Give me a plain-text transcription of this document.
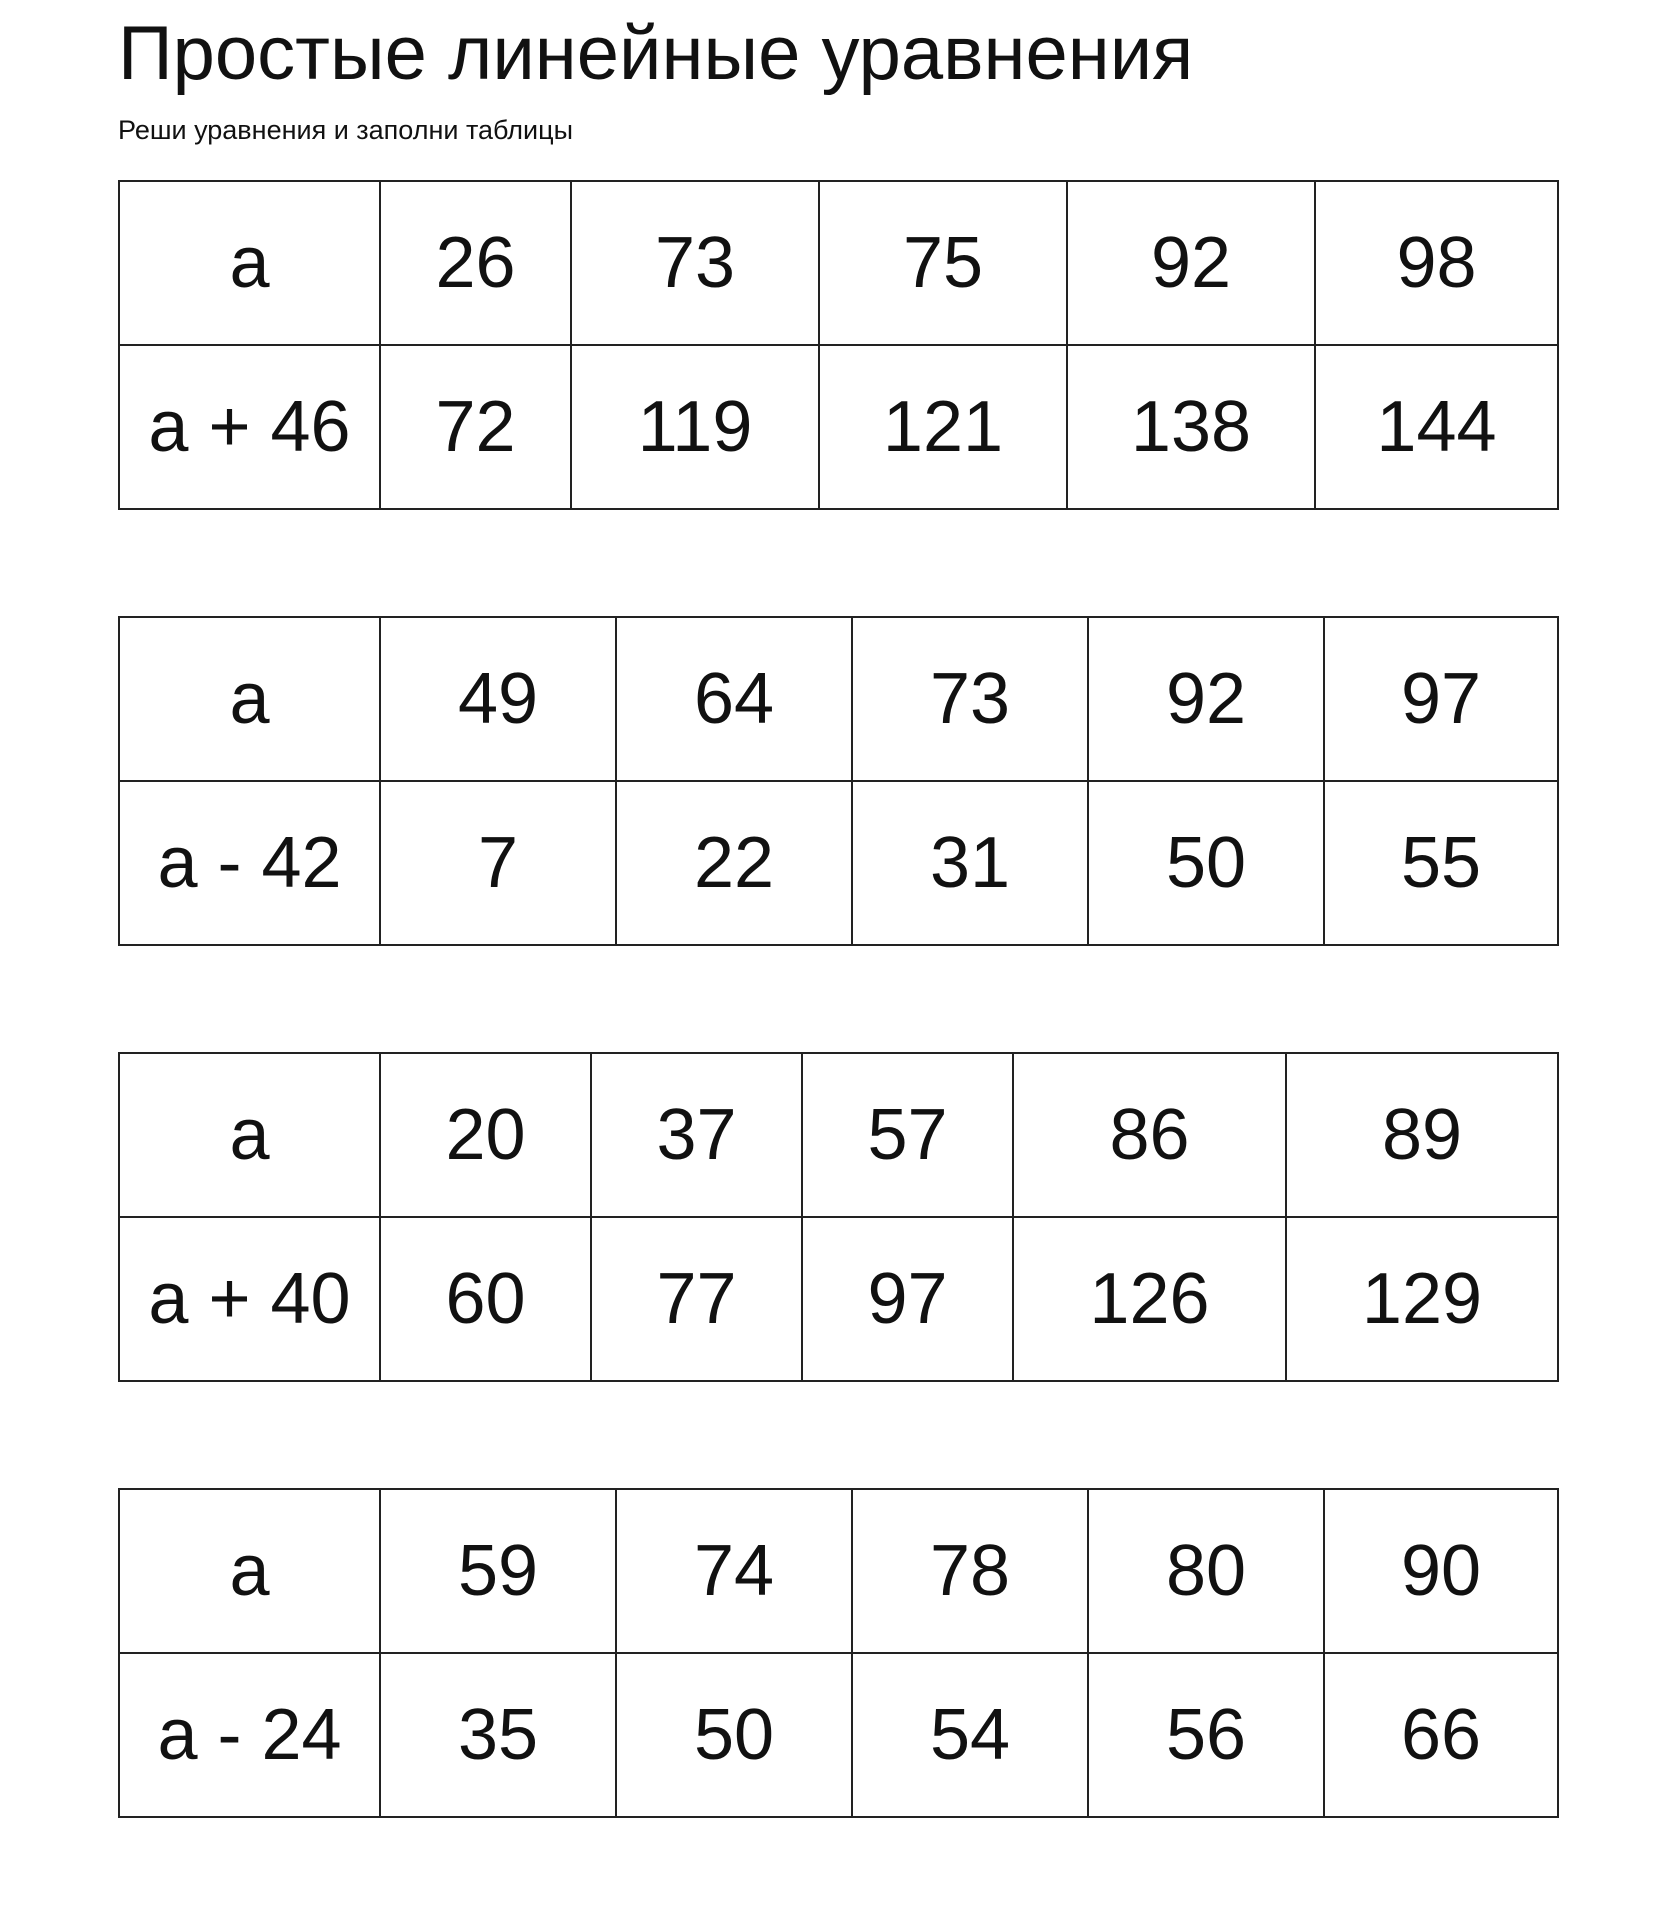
Простые линейные уравнения

Реши уравнения и заполни таблицы

a	26	73	75	92	98
a + 46	72	119	121	138	144
a	49	64	73	92	97
a - 42	7	22	31	50	55
a	20	37	57	86	89
a + 40	60	77	97	126	129
a	59	74	78	80	90
a - 24	35	50	54	56	66
